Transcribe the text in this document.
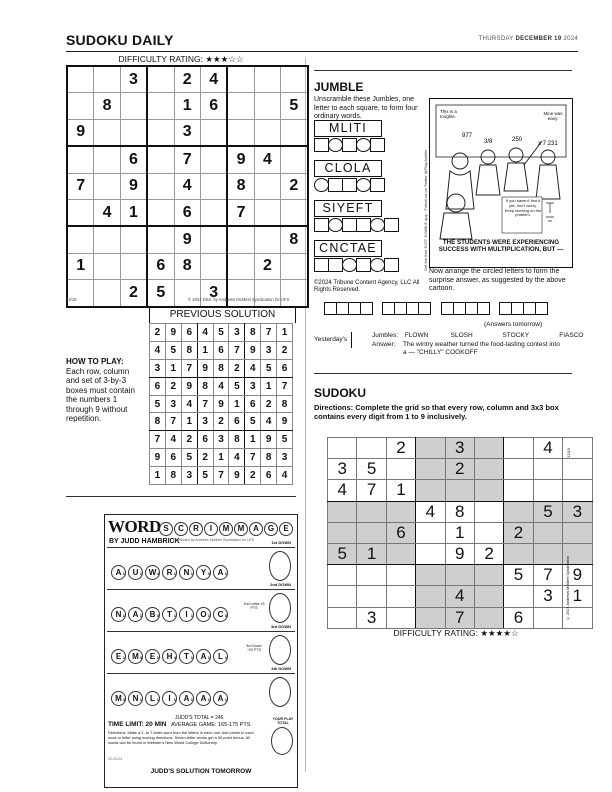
SUDOKU DAILY	THURSDAY DECEMBER 19 2024
DIFFICULTY RATING: ★★★☆☆
		3		2	4			
	8			1	6			5
9				3				
		6		7		9	4	
7		9		4		8		2
	4	1		6		7		
				9				8
1			6	8			2	
		2	5		3			
12/19	© 2024 Distr. by Andrews McMeel Syndication for UFS
HOW TO PLAY:
Each row, column and set of 3-by-3 boxes must contain the numbers 1 through 9 without repetition.
PREVIOUS SOLUTION
2	9	6	4	5	3	8	7	1
4	5	8	1	6	7	9	3	2
3	1	7	9	8	2	4	5	6
6	2	9	8	4	5	3	1	7
5	3	4	7	9	1	6	2	8
8	7	1	3	2	6	5	4	9
7	4	2	6	3	8	1	9	5
9	6	5	2	1	4	7	8	3
1	8	3	5	7	9	2	6	4
WORD S C R I M M A G E
BY JUDD HAMBRICK
Distributed by Andrews McMeel Syndication for UFS	1st DOWN
A 1 U 1 W 4 R 1 N 1 Y 3 A 1
2nd DOWN
N 1 A 1 B 3 T 1 I 1 O 1 C 3
2nd Letter x3 PTS
3rd DOWN
E 1 M 3 E 1 H 4 T 1 A 1 L 1
3rd Down +20 PTS
4th DOWN
M 3 N 1 L 1 I 1 A 1 A 1 A 1
JUDD'S TOTAL = 246
TIME LIMIT: 20 MIN AVERAGE GAME: 165-175 PTS
YOUR PLAY TOTAL
Directions: Make a 2- to 7-letter word from the letters in each row. Add points to each word or letter using scoring directions. Seven-letter words get a 50-point bonus. All words can be found in Webster's New World College Dictionary.
12-19-24
JUDD'S SOLUTION TOMORROW
JUMBLE
Unscramble these Jumbles, one letter to each square, to form four ordinary words.
MLITI
CLOLA
SIYEFT
CNCTAE	Get the free JUST JUMBLE app · Follow us on Twitter @PlayJumble
977
3/8	250
x 7 231
This is a toughie.
Mine was easy.
If you haven't find it yet, don't worry. Keep working on the problem.
THE STUDENTS WERE EXPERIENCING SUCCESS WITH MULTIPLICATION, BUT —
©2024 Tribune Content Agency, LLC All Rights Reserved.
Now arrange the circled letters to form the surprise answer, as suggested by the above cartoon.

(Answers tomorrow)
Yesterday's
Jumbles: FLOWN	SLOSH	STOCKY	FIASCO
Answer:	The wintry weather turned the food-tasting contest into a — "CHILLY" COOKOFF
SUDOKU
Directions: Complete the grid so that every row, column and 3x3 box contains every digit from 1 to 9 inclusively.
		2		3			4	
3	5			2				
4	7	1						
			4	8			5	3
		6		1		2		
5	1			9	2			
						5	7	9
				4			3	1
	3			7		6		
12/19
© 2024 Andrews McMeel Syndication
DIFFICULTY RATING: ★★★★☆
